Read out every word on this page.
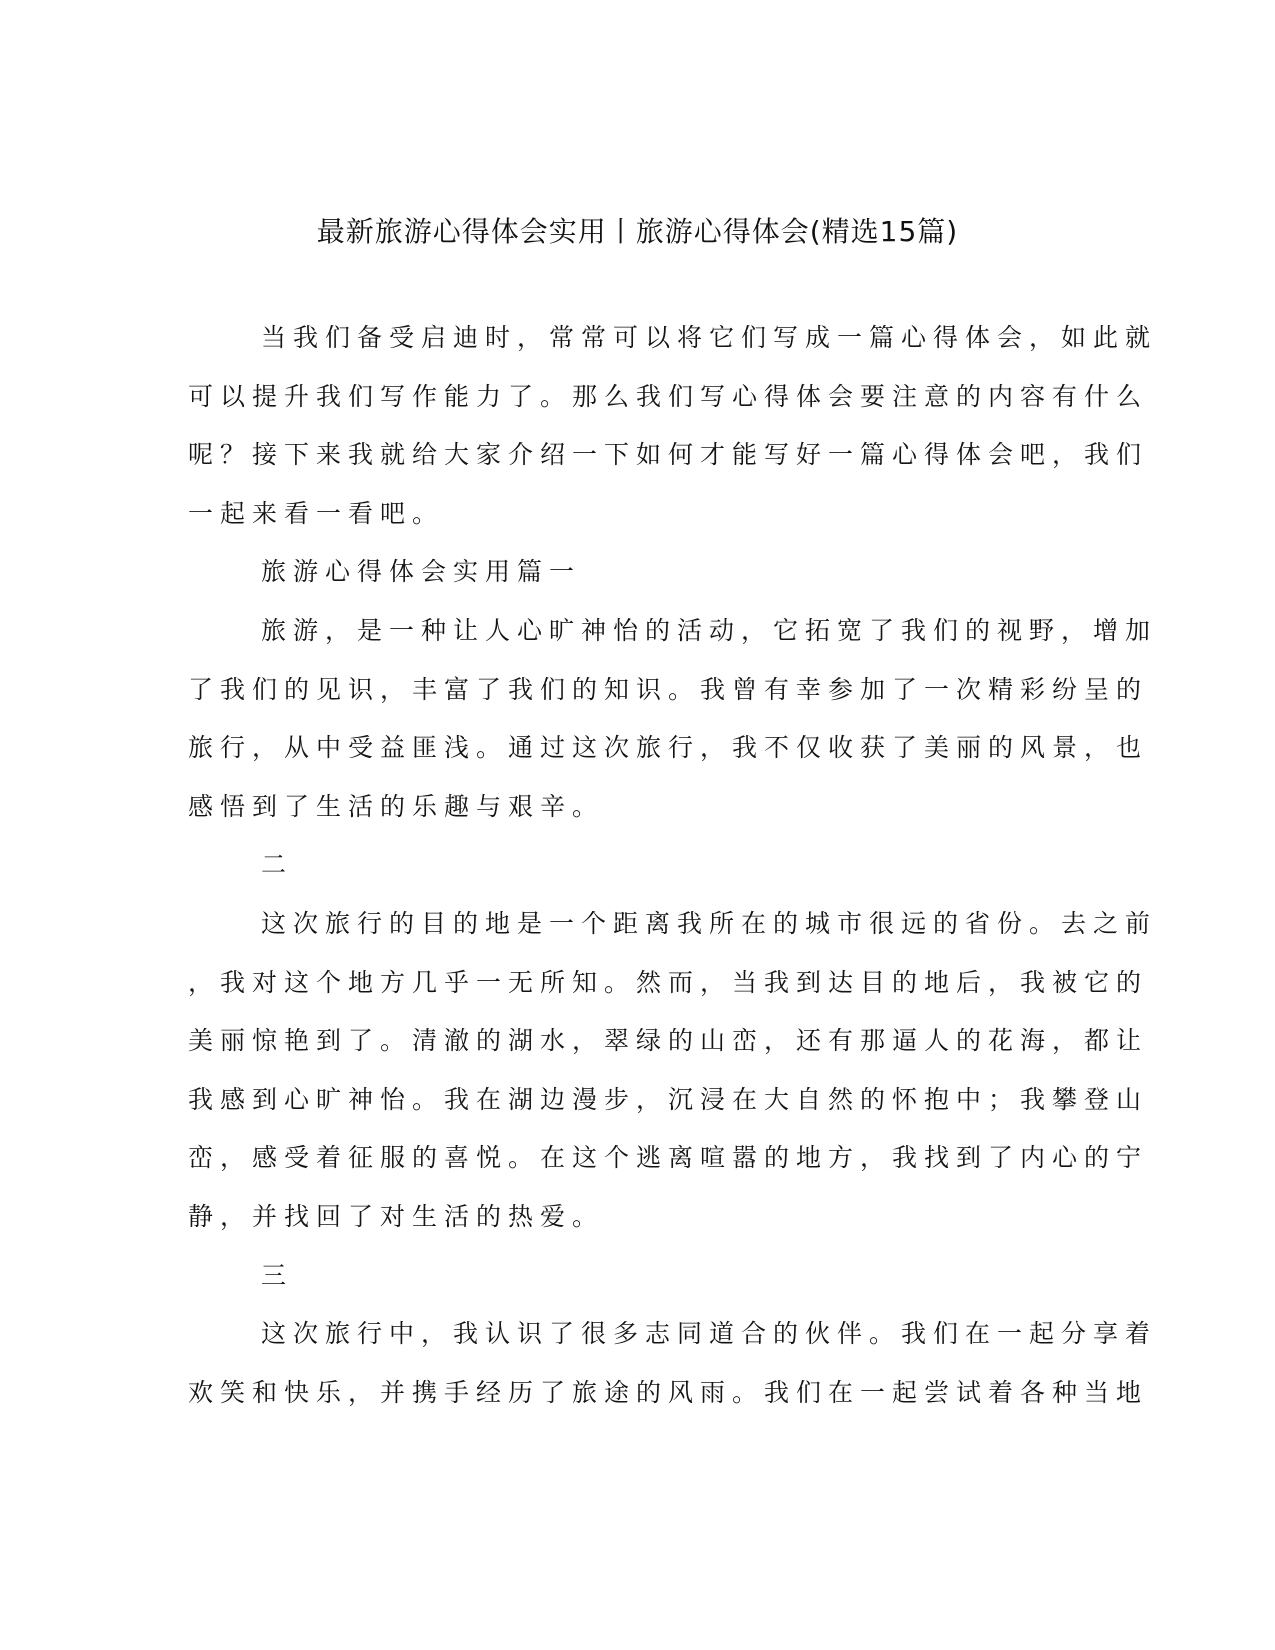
最新旅游心得体会实用丨旅游心得体会(精选15篇)
当我们备受启迪时，常常可以将它们写成一篇心得体会，如此就
可以提升我们写作能力了。那么我们写心得体会要注意的内容有什么
呢？接下来我就给大家介绍一下如何才能写好一篇心得体会吧，我们
一起来看一看吧。
旅游心得体会实用篇一
旅游，是一种让人心旷神怡的活动，它拓宽了我们的视野，增加
了我们的见识，丰富了我们的知识。我曾有幸参加了一次精彩纷呈的
旅行，从中受益匪浅。通过这次旅行，我不仅收获了美丽的风景，也
感悟到了生活的乐趣与艰辛。
二
这次旅行的目的地是一个距离我所在的城市很远的省份。去之前
，我对这个地方几乎一无所知。然而，当我到达目的地后，我被它的
美丽惊艳到了。清澈的湖水，翠绿的山峦，还有那逼人的花海，都让
我感到心旷神怡。我在湖边漫步，沉浸在大自然的怀抱中；我攀登山
峦，感受着征服的喜悦。在这个逃离喧嚣的地方，我找到了内心的宁
静，并找回了对生活的热爱。
三
这次旅行中，我认识了很多志同道合的伙伴。我们在一起分享着
欢笑和快乐，并携手经历了旅途的风雨。我们在一起尝试着各种当地
